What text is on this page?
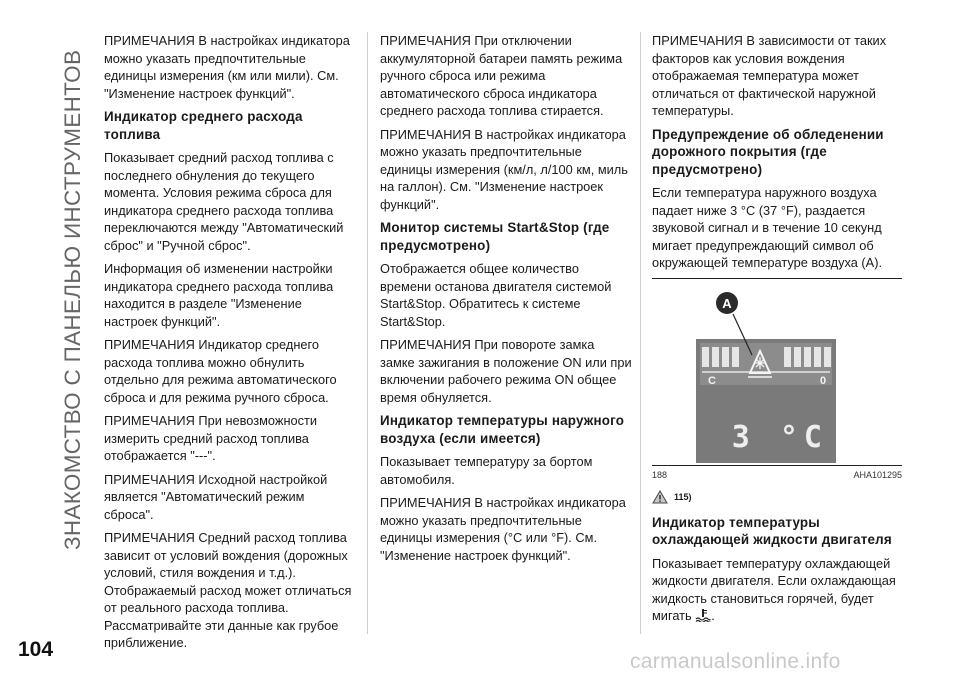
ЗНАКОМСТВО С ПАНЕЛЬЮ ИНСТРУМЕНТОВ
104

ПРИМЕЧАНИЯ В настройках индикатора можно указать предпочтительные единицы измерения (км или мили). См. "Изменение настроек функций".

Индикатор среднего расхода топлива

Показывает средний расход топлива с последнего обнуления до текущего момента. Условия режима сброса для индикатора среднего расхода топлива переключаются между "Автоматический сброс" и "Ручной сброс".

Информация об изменении настройки индикатора среднего расхода топлива находится в разделе "Изменение настроек функций".

ПРИМЕЧАНИЯ Индикатор среднего расхода топлива можно обнулить отдельно для режима автоматического сброса и для режима ручного сброса.

ПРИМЕЧАНИЯ При невозможности измерить средний расход топлива отображается "---".

ПРИМЕЧАНИЯ Исходной настройкой является "Автоматический режим сброса".

ПРИМЕЧАНИЯ Средний расход топлива зависит от условий вождения (дорожных условий, стиля вождения и т.д.). Отображаемый расход может отличаться от реального расхода топлива. Рассматривайте эти данные как грубое приближение.

ПРИМЕЧАНИЯ При отключении аккумуляторной батареи память режима ручного сброса или режима автоматического сброса индикатора среднего расхода топлива стирается.

ПРИМЕЧАНИЯ В настройках индикатора можно указать предпочтительные единицы измерения (км/л, л/100 км, миль на галлон). См. "Изменение настроек функций".

Монитор системы Start&Stop (где предусмотрено)

Отображается общее количество времени останова двигателя системой Start&Stop. Обратитесь к системе Start&Stop.

ПРИМЕЧАНИЯ При повороте замка замке зажигания в положение ON или при включении рабочего режима ON общее время обнуляется.

Индикатор температуры наружного воздуха (если имеется)

Показывает температуру за бортом автомобиля.

ПРИМЕЧАНИЯ В настройках индикатора можно указать предпочтительные единицы измерения (°C или °F). См. "Изменение настроек функций".

ПРИМЕЧАНИЯ В зависимости от таких факторов как условия вождения отображаемая температура может отличаться от фактической наружной температуры.

Предупреждение об обледенении дорожного покрытия (где предусмотрено)

Если температура наружного воздуха падает ниже 3 °C (37 °F), раздается звуковой сигнал и в течение 10 секунд мигает предупреждающий символ об окружающей температуре воздуха (A).

C	0
A
3 °C
188	AHA101295
115)

Индикатор температуры охлаждающей жидкости двигателя

Показывает температуру охлаждающей жидкости двигателя. Если охлаждающая жидкость становиться горячей, будет мигать .

carmanualsonline.info
